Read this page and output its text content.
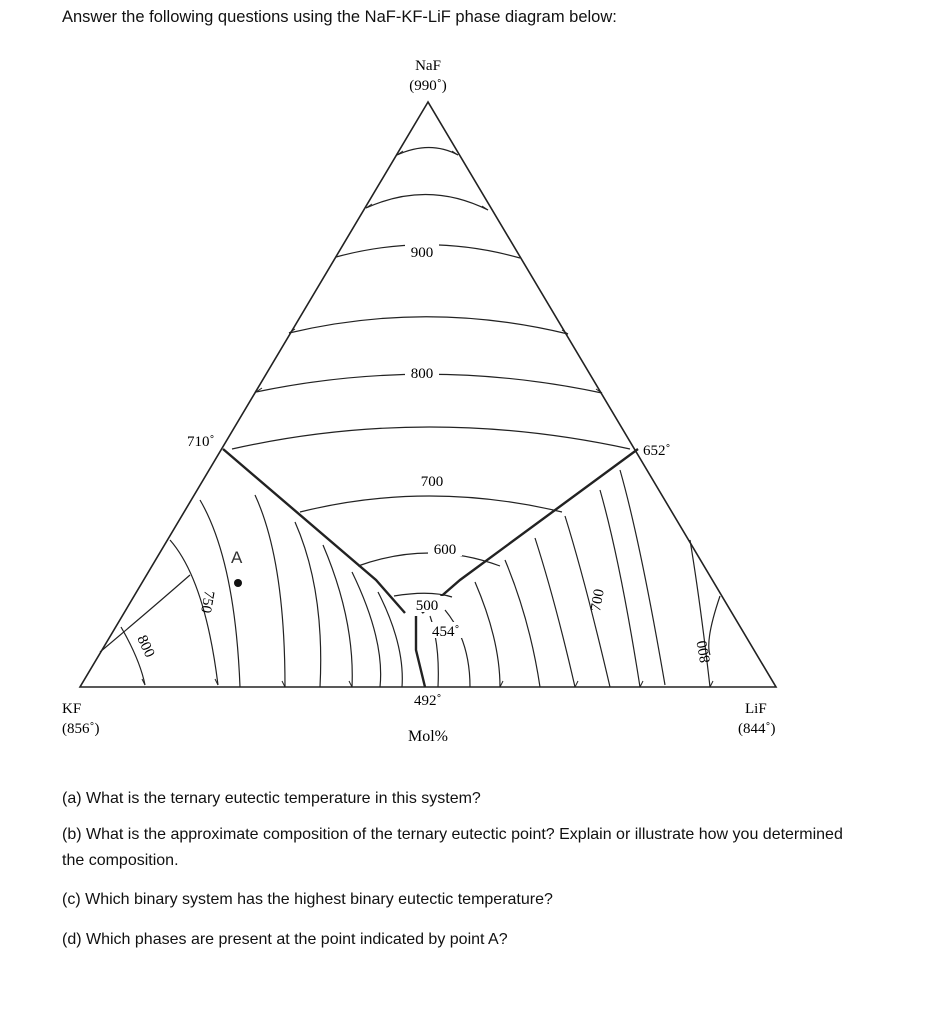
Answer the following questions using the NaF-KF-LiF phase diagram below:
NaF
(990˚)
KF
(856˚)
LiF
(844˚)
710˚
652˚
492˚
454˚
900
800
700
600
500
750
800
700
800
A
Mol%
(a) What is the ternary eutectic temperature in this system?
(b) What is the approximate composition of the ternary eutectic point? Explain or illustrate how you determined the composition.
(c) Which binary system has the highest binary eutectic temperature?
(d) Which phases are present at the point indicated by point A?
